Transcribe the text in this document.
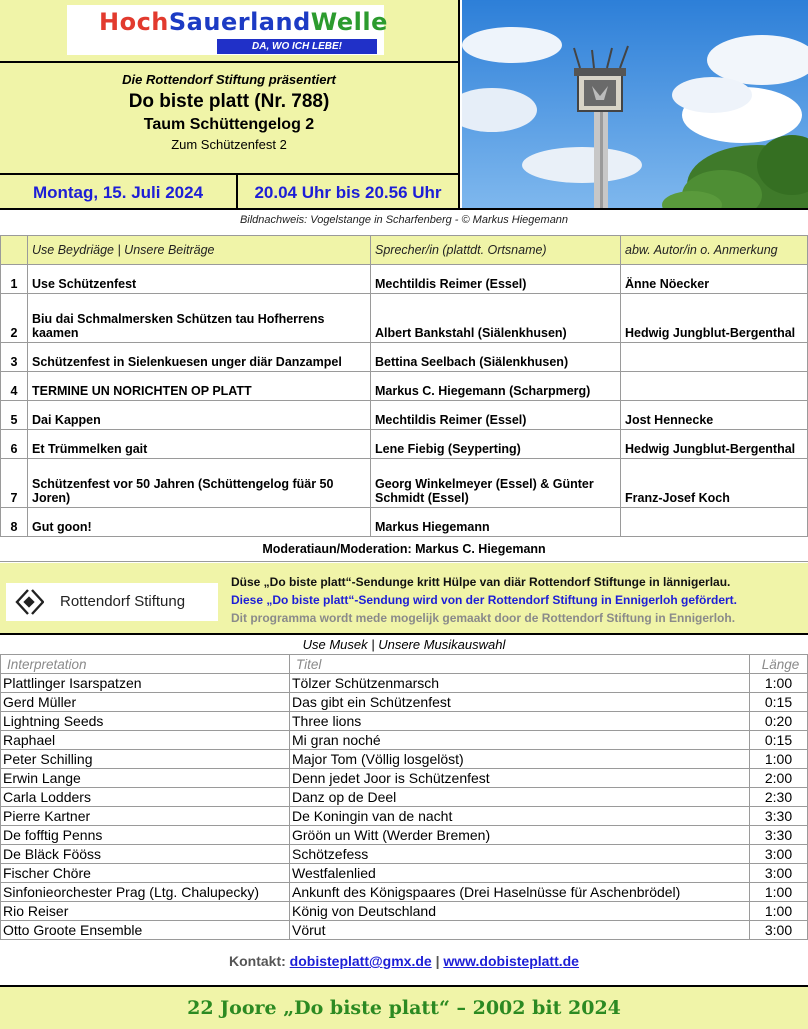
HochSauerlandWelle
DA, WO ICH LEBE!
Die Rottendorf Stiftung präsentiert
Do biste platt (Nr. 788)
Taum Schüttengelog 2
Zum Schützenfest 2
Montag, 15. Juli 2024	20.04 Uhr bis 20.56 Uhr
Bildnachweis: Vogelstange in Scharfenberg - © Markus Hiegemann
	Use Beydriäge | Unsere Beiträge	Sprecher/in (plattdt. Ortsname)	abw. Autor/in o. Anmerkung
1	Use Schützenfest	Mechtildis Reimer (Essel)	Änne Nöecker
2	Biu dai Schmalmersken Schützen tau Hofherrens kaamen	Albert Bankstahl (Siälenkhusen)	Hedwig Jungblut-Bergenthal
3	Schützenfest in Sielenkuesen unger diär Danzampel	Bettina Seelbach (Siälenkhusen)	
4	TERMINE UN NORICHTEN OP PLATT	Markus C. Hiegemann (Scharpmerg)	
5	Dai Kappen	Mechtildis Reimer (Essel)	Jost Hennecke
6	Et Trümmelken gait	Lene Fiebig (Seyperting)	Hedwig Jungblut-Bergenthal
7	Schützenfest vor 50 Jahren (Schüttengelog füär 50 Joren)	Georg Winkelmeyer (Essel) & Günter Schmidt (Essel)	Franz-Josef Koch
8	Gut goon!	Markus Hiegemann	
Moderatiaun/Moderation: Markus C. Hiegemann
Rottendorf Stiftung
Düse „Do biste platt“-Sendunge kritt Hülpe van diär Rottendorf Stiftunge in lännigerlau.
Diese „Do biste platt“-Sendung wird von der Rottendorf Stiftung in Ennigerloh gefördert.
Dit programma wordt mede mogelijk gemaakt door de Rottendorf Stiftung in Ennigerloh.
Use Musek | Unsere Musikauswahl
Interpretation	Titel	Länge
Plattlinger Isarspatzen	Tölzer Schützenmarsch	1:00
Gerd Müller	Das gibt ein Schützenfest	0:15
Lightning Seeds	Three lions	0:20
Raphael	Mi gran noché	0:15
Peter Schilling	Major Tom (Völlig losgelöst)	1:00
Erwin Lange	Denn jedet Joor is Schützenfest	2:00
Carla Lodders	Danz op de Deel	2:30
Pierre Kartner	De Koningin van de nacht	3:30
De fofftig Penns	Gröön un Witt (Werder Bremen)	3:30
De Bläck Fööss	Schötzefess	3:00
Fischer Chöre	Westfalenlied	3:00
Sinfonieorchester Prag (Ltg. Chalupecky)	Ankunft des Königspaares (Drei Haselnüsse für Aschenbrödel)	1:00
Rio Reiser	König von Deutschland	1:00
Otto Groote Ensemble	Vörut	3:00
Kontakt: dobisteplatt@gmx.de | www.dobisteplatt.de
22 Joore „Do biste platt“ – 2002 bit 2024
